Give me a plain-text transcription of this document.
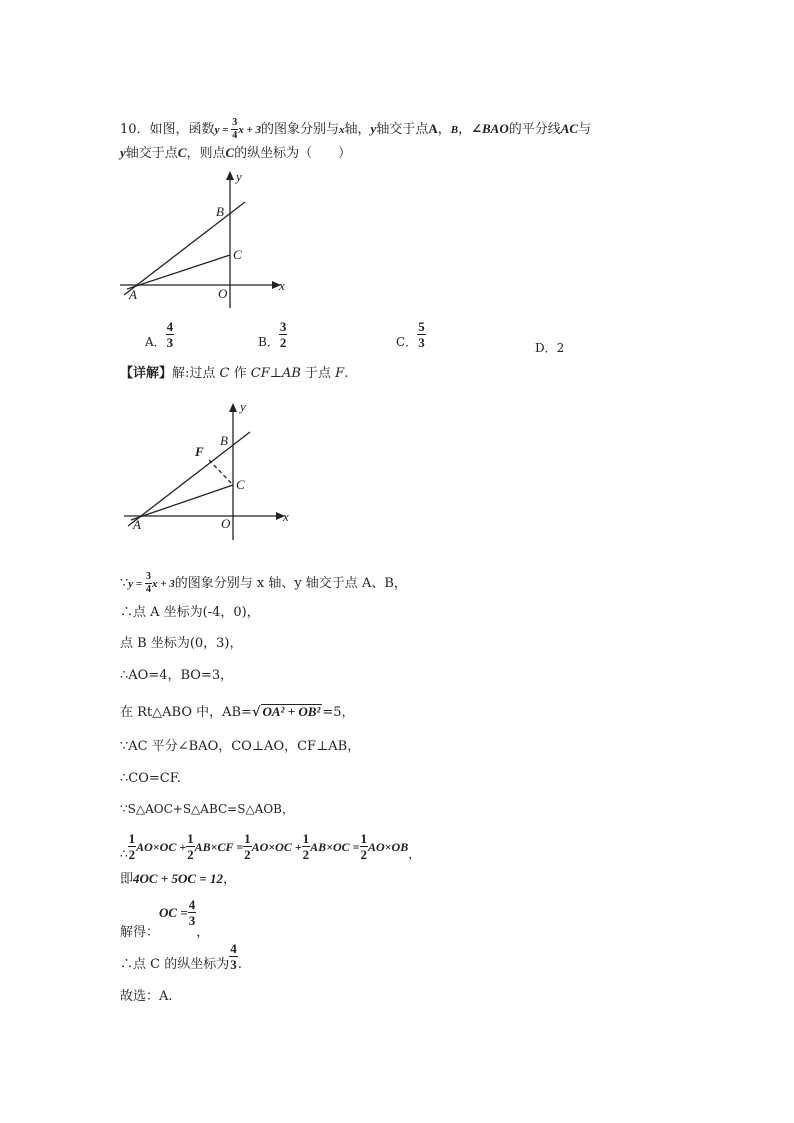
10．如图，函数$y = \frac{3}{4}$ x + 3的图象分别与x轴，y轴交于点A，B，∠BAO的平分线AC与
y轴交于点C，则点C的纵坐标为（　　）
y
x
B
C
A	O
y
x
B
C
A	O
F
A． $\frac{4}{3}$	B． $\frac{3}{2}$	C． $\frac{5}{3}$	D．2
【详解】解:过点 C 作 CF⊥AB 于点 F.
∵y = $\frac{3}{4}$ x + 3的图象分别与 x 轴、y 轴交于点 A、B，
∴点 A 坐标为(-4，0)，
点 B 坐标为(0，3)，
∴AO=4，BO=3，
在 Rt△ABO 中，AB=√ OA² + OB² =5，
∵AC 平分∠BAO，CO⊥AO，CF⊥AB，
∴CO=CF.
∵S△AOC+S△ABC=S△AOB，
∴ $\frac{1}{2} AO\times OC + \frac{1}{2} AB\times CF = \frac{1}{2} AO\times OC + \frac{1}{2} AB\times OC = \frac{1}{2} AO\times OB$ ，
即4OC + 5OC = 12，
解得：
OC = $\frac{4}{3}$
，
∴点 C 的纵坐标为 $\frac{4}{3}$ .
故选：A.
